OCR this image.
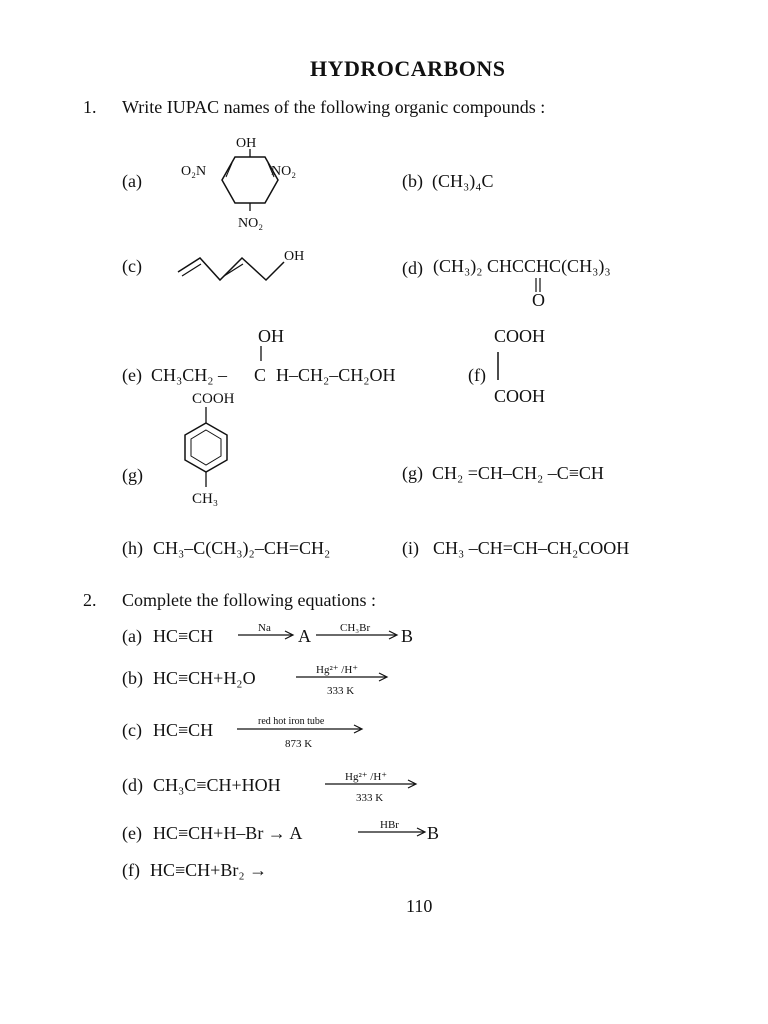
HYDROCARBONS
1. Write IUPAC names of the following organic compounds :
(a)
OH
O₂N	NO₂
NO₂
(b) (CH₃)₄C
(c)	OH
(d) (CH₃)₂ CHCCHC(CH₃)₃
O
OH
(e) CH₃CH₂ – C H–CH₂–CH₂OH
COOH
(f)
COOH
COOH
CH₃
(g)	(g) CH₂ =CH–CH₂ –C≡CH
(h) CH₃–C(CH₃)₂–CH=CH₂	(i) CH₃ –CH=CH–CH₂COOH
2. Complete the following equations :
(a) HC≡CH	Na → A	CH₃Br B
(b) HC≡CH+H₂O	Hg²⁺ /H⁺
333 K
(c) HC≡CH	red hot iron tube
873 K
(d) CH₃C≡CH+HOH	Hg²⁺ /H⁺
333 K
(e) HC≡CH+H–Br → A	HBr B
(f) HC≡CH+Br₂ →
110
